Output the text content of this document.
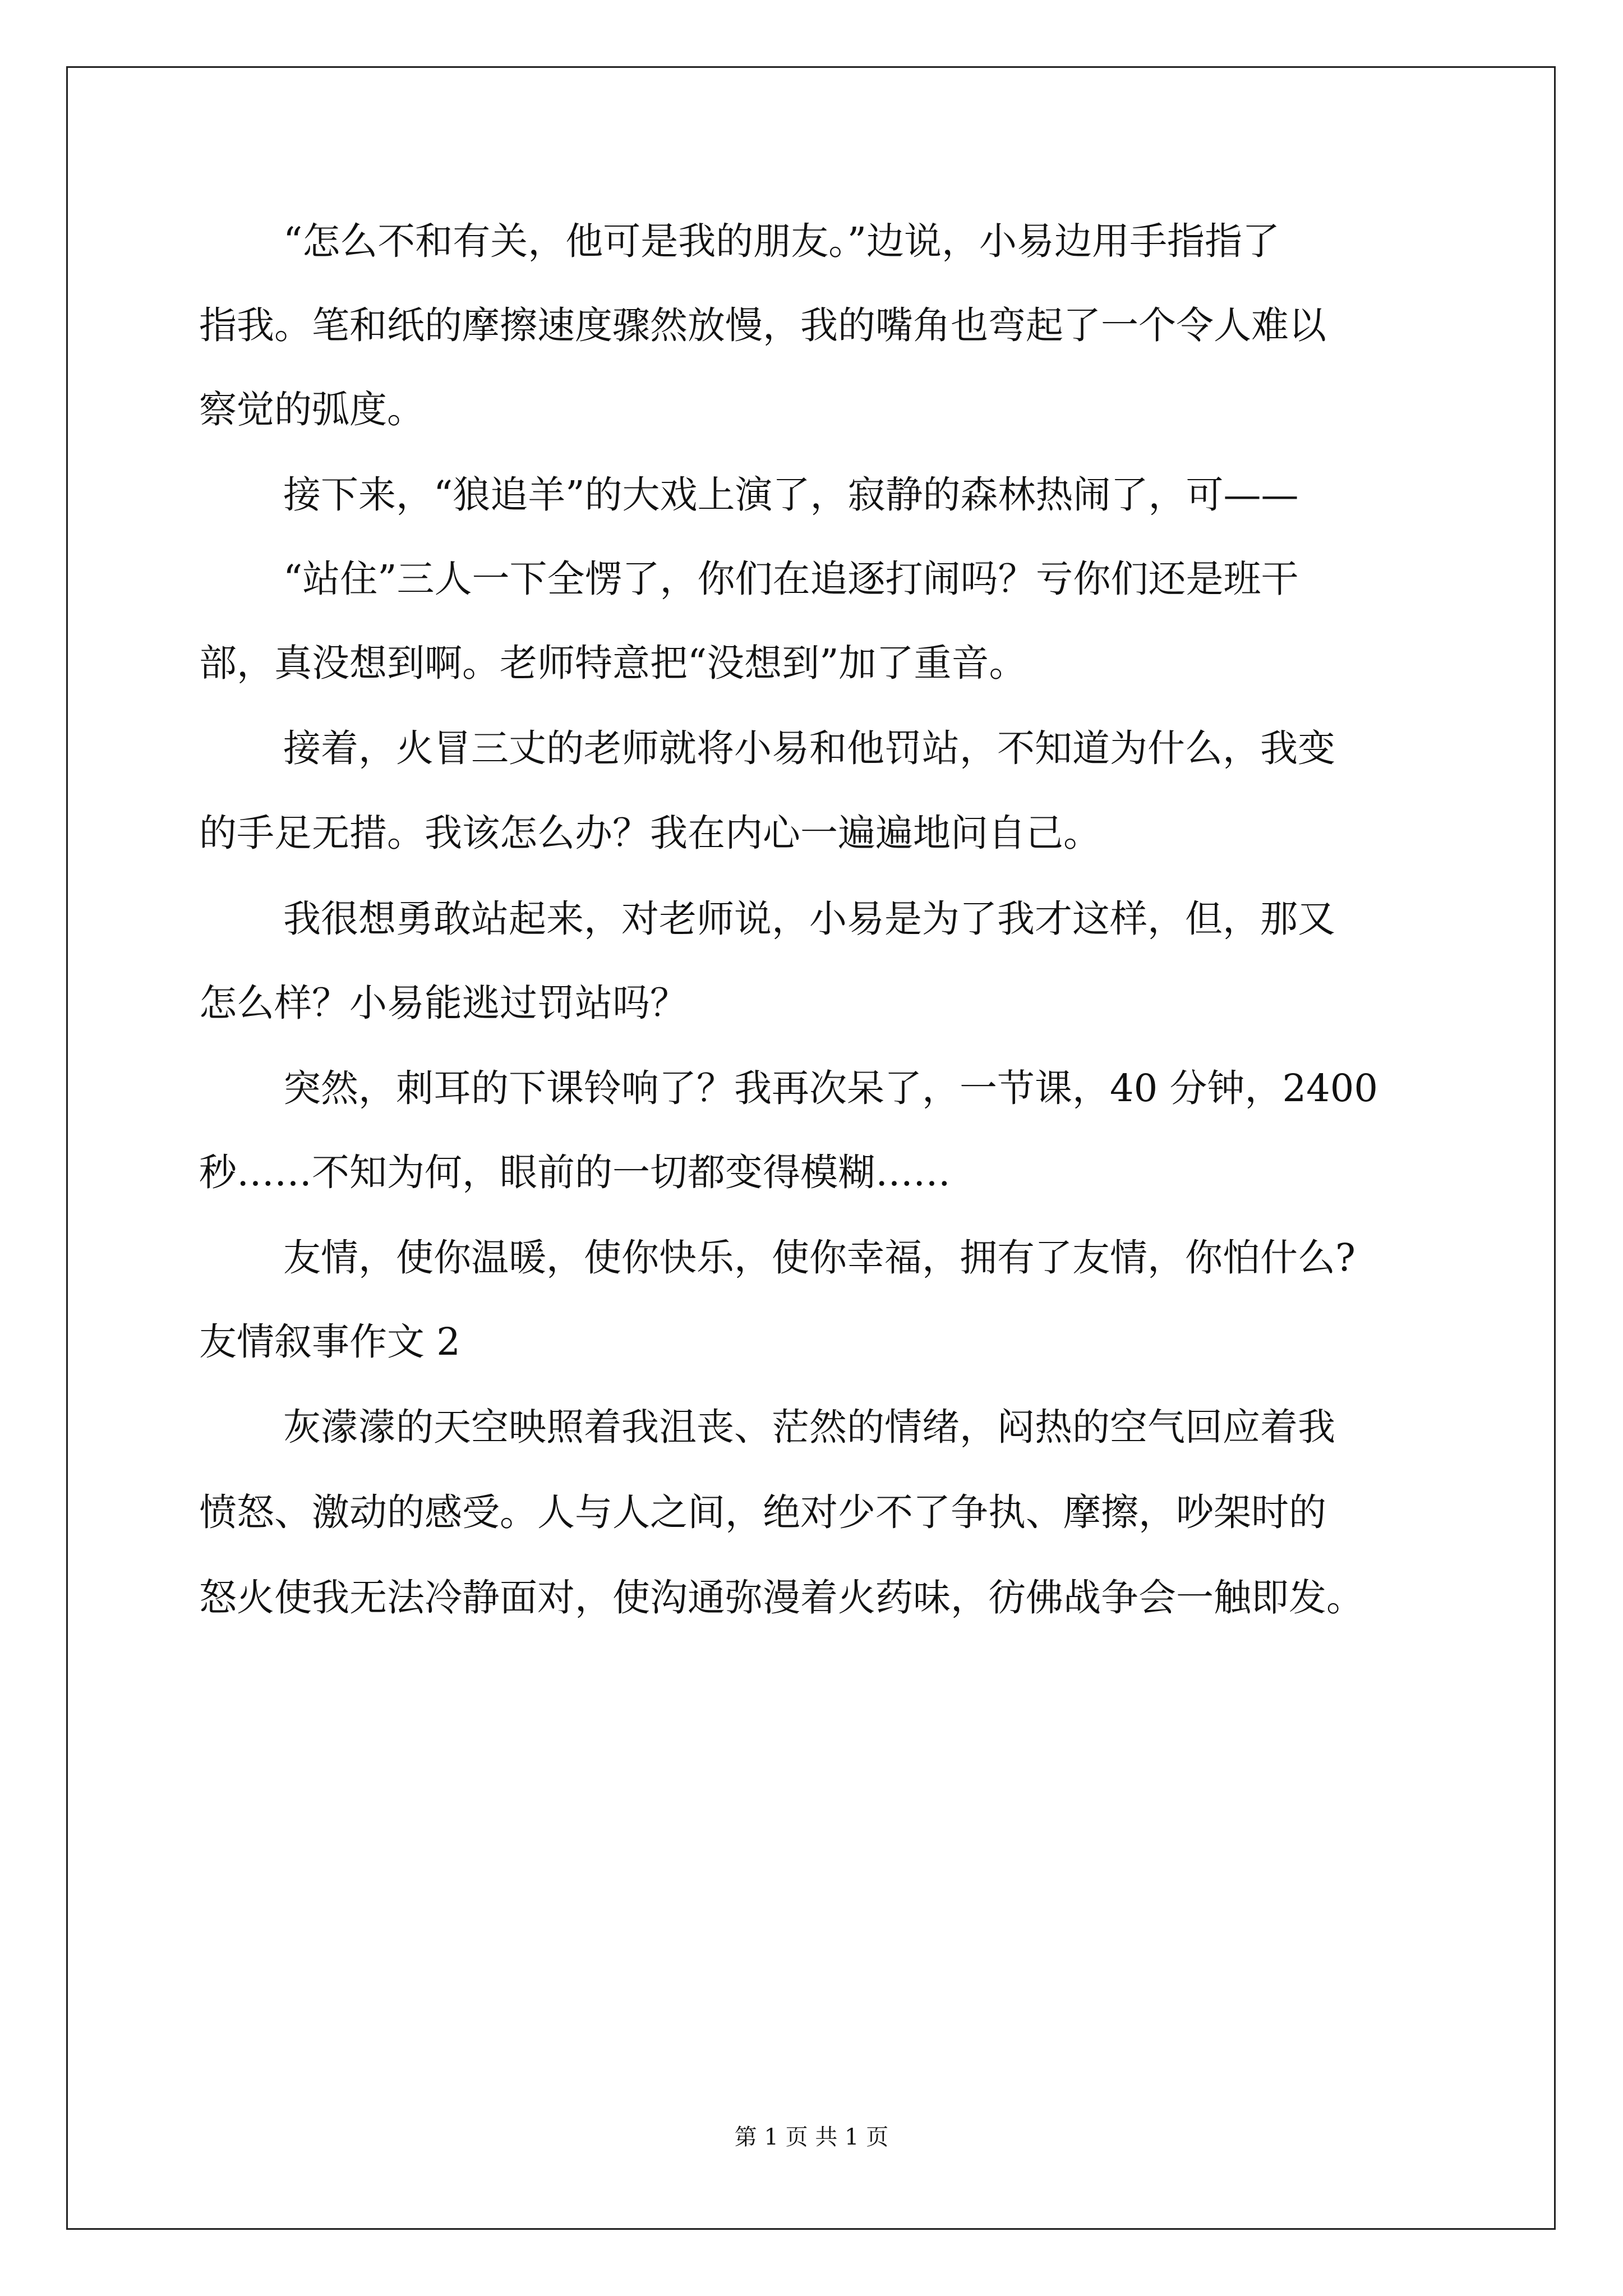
“怎么不和有关，他可是我的朋友。”边说，小易边用手指指了
指我。笔和纸的摩擦速度骤然放慢，我的嘴角也弯起了一个令人难以
察觉的弧度。
接下来，“狼追羊”的大戏上演了，寂静的森林热闹了，可——
“站住”三人一下全愣了，你们在追逐打闹吗？亏你们还是班干
部，真没想到啊。老师特意把“没想到”加了重音。
接着，火冒三丈的老师就将小易和他罚站，不知道为什么，我变
的手足无措。我该怎么办？我在内心一遍遍地问自己。
我很想勇敢站起来，对老师说，小易是为了我才这样，但，那又
怎么样？小易能逃过罚站吗？
突然，刺耳的下课铃响了？我再次呆了，一节课，40 分钟，2400
秒……不知为何，眼前的一切都变得模糊……
友情，使你温暖，使你快乐，使你幸福，拥有了友情，你怕什么?
友情叙事作文 2
灰濛濛的天空映照着我沮丧、茫然的情绪，闷热的空气回应着我
愤怒、激动的感受。人与人之间，绝对少不了争执、摩擦，吵架时的
怒火使我无法冷静面对，使沟通弥漫着火药味，彷佛战争会一触即发。
第 1 页 共 1 页
